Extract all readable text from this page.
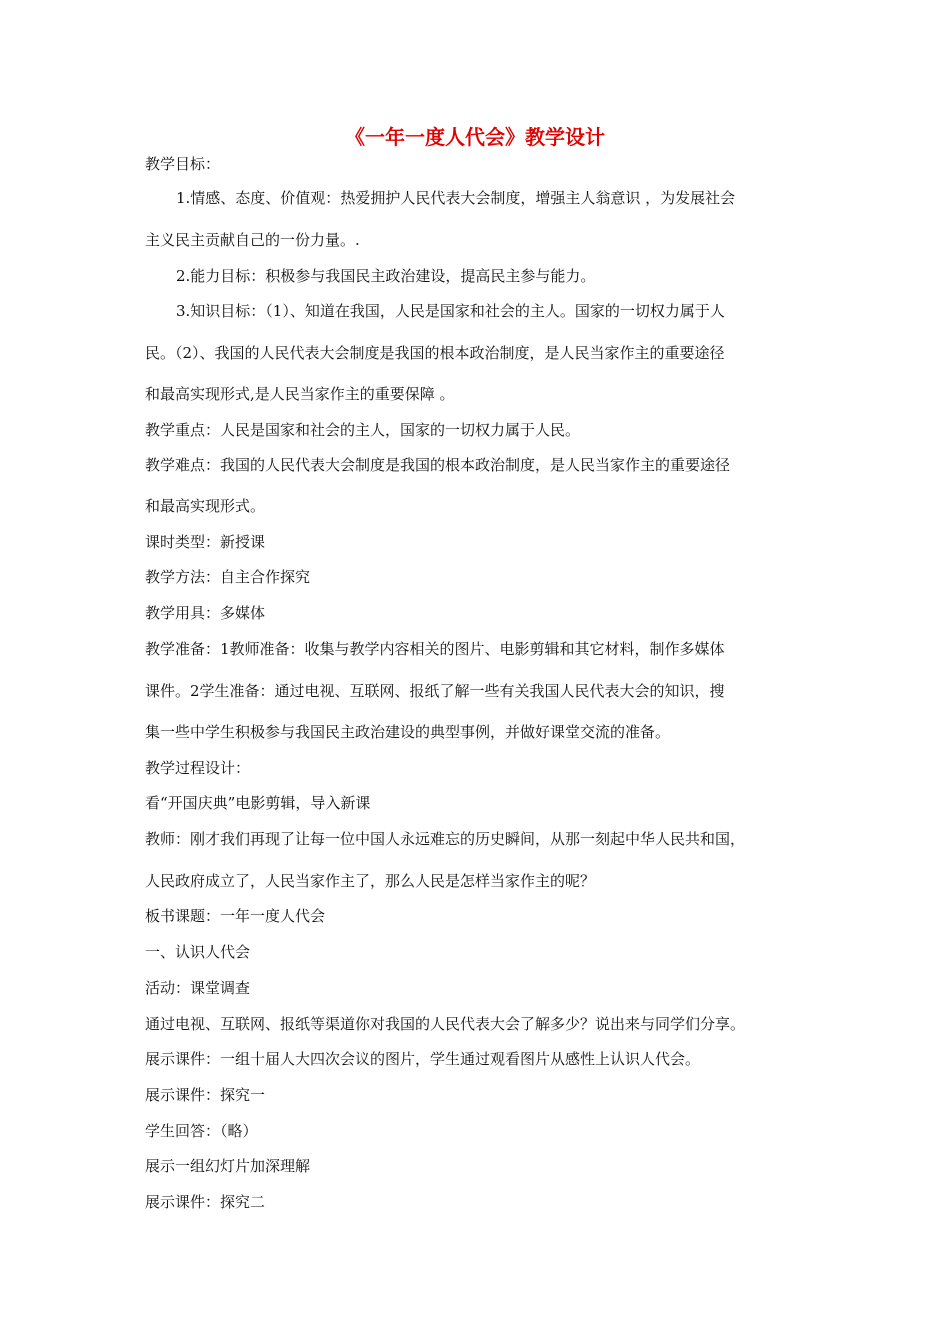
《一年一度人代会》教学设计
教学目标：
1.情感、态度、价值观：热爱拥护人民代表大会制度，增强主人翁意识 ，为发展社会
主义民主贡献自己的一份力量。.
2.能力目标：积极参与我国民主政治建设，提高民主参与能力。
3.知识目标：（1）、知道在我国，人民是国家和社会的主人。国家的一切权力属于人
民。（2）、我国的人民代表大会制度是我国的根本政治制度，是人民当家作主的重要途径
和最高实现形式,是人民当家作主的重要保障 。
教学重点：人民是国家和社会的主人，国家的一切权力属于人民。
教学难点：我国的人民代表大会制度是我国的根本政治制度，是人民当家作主的重要途径
和最高实现形式。
课时类型：新授课
教学方法：自主合作探究
教学用具：多媒体
教学准备：1教师准备：收集与教学内容相关的图片、电影剪辑和其它材料，制作多媒体
课件。2学生准备：通过电视、互联网、报纸了解一些有关我国人民代表大会的知识，搜
集一些中学生积极参与我国民主政治建设的典型事例，并做好课堂交流的准备。
教学过程设计：
看“开国庆典”电影剪辑，导入新课
教师：刚才我们再现了让每一位中国人永远难忘的历史瞬间，从那一刻起中华人民共和国，
人民政府成立了，人民当家作主了，那么人民是怎样当家作主的呢？
板书课题：一年一度人代会
一、认识人代会
活动：课堂调查
通过电视、互联网、报纸等渠道你对我国的人民代表大会了解多少？说出来与同学们分享。
展示课件：一组十届人大四次会议的图片，学生通过观看图片从感性上认识人代会。
展示课件：探究一
学生回答：（略）
展示一组幻灯片加深理解
展示课件：探究二
